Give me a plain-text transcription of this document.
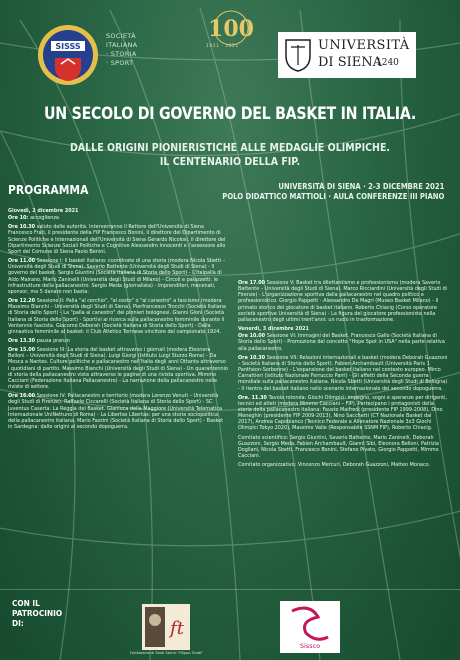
SISSS
SOCIETÀ
ITALIANA
· STORIA
· SPORT
100
1921 · 2021	UNIVERSITÀ
DI SIENA
1240
UN SECOLO DI GOVERNO DEL BASKET IN ITALIA.
DALLE ORIGINI PIONIERISTICHE ALLE MEDAGLIE OLIMPICHE.
IL CENTENARIO DELLA FIP.
PROGRAMMA	UNIVERSITÀ DI SIENA · 2-3 DICEMBRE 2021
POLO DIDATTICO MATTIOLI · AULA CONFERENZE III PIANO
Giovedì, 2 dicembre 2021
Ore 10: accoglienza
Ore 10.30 saluto delle autorità. Interverranno il Rettore dell'Università di Siena Francesco Frati, il presidente della FIP Francesco Bonini, il direttore del Dipartimento di Scienze Politiche e Internazionali dell'Università di Siena Gerardo Nicolosi, il direttore del Dipartimento Scienze Sociali Politiche e Cognitive Alessandro Innocenti e l'assessore allo Sport del Comune di Siena Paolo Benini.
Ore 11.00 Sessione I: Il basket italiano: coordinate di una storia (modera Nicola Sbetti – Università degli Studi di Siena). Saverio Battente (Università degli Studi di Siena) - Il governo del basket. Sergio Giuntini (Società Italiana di Storia dello Sport) - L'Italpalla di Aldo Mairano. Mario Zaninelli (Università degli Studi di Milano) - Circoli e palazzetti: le infrastrutture della pallacanestro. Sergio Meda (giornalista) - Imprenditori, mecenati, sponsor, ma 5 danaro non basta.
Ore 12.20 Sessione II: Palla "al cerchio", "al cesto" o "al canestro" a fascismo (modera Massimo Bianchi – Università degli Studi di Siena). Pierfrancesco Trocchi (Società Italiana di Storia dello Sport) - La "palla al canestro" dei pionieri bolognesi. Gianni Gloni (Società Italiana di Storia dello Sport) - Sportivi ai ricerca sulla pallacanestro femminile durante il Ventennio fascista. Giacomo Deborah (Società Italiana di Storia dello Sport) - Dalla ginnastica femminile al basket: il Club Atletico Torinese vincitore del campionato 1924.
Ore 13.30 pausa pranzo
Ore 15.00 Sessione III: La storia del basket attraverso i giornali (modera Eleonora Belloni – Università degli Studi di Siena). Luigi Giorgi (Istituto Luigi Sturzo Roma) - Da Mosca a Nantes. Culture politiche e pallacanestro nell'Italia degli anni Ottanta attraverso i quotidiani di partito. Massimo Bianchi (Università degli Studi di Siena) - Un quarantennio di storia della pallacanestro vista attraverso le pagine di una rivista sportiva. Mimmo Cacciani (Federazione Italiana Pallacanestro) - La narrazione della pallacanestro nelle riviste di settore.
Ore 16.00 Sessione IV: Pallacanestro e territorio (modera Lorenzo Venuti – Università degli Studi di Firenze). Raffaele Ciccarelli (Società Italiana di Storia dello Sport) - SC Juventus Caserta: La Reggia dei Basket. Gianluca della Maggiore (Università Telematica Internazionale UniNettuno di Roma) - La Libertas Libertas: per una storia sociopolitica della pallacanestro italiana. Mario Fazzini (Società Italiana di Storia dello Sport) - Basket in Sardegna: dalle origini al secondo dopoguerra.
Ore 17.00 Sessione V: Basket tra dilettantismo e professionismo (modera Saverio Battente – Università degli Studi di Siena). Marco Ricciardini (Università degli Studi di Firenze) - L'organizzazione sportiva dalla pallacanestro nel quadro politico e professionistico. Giorgio Pappetti - Alessandro De Magri (Museo Basket Milano) - Il primato storico del giocatore di basket italiano. Roberto Chiacig (Corso operatore società sportive Università di Siena) - La figura del giocatore professionista nella pallacanestro degli ultimi trent'anni: un ruolo in trasformazione.
Venerdì, 3 dicembre 2021
Ore 10.00 Sessione VI: Immagini del Basket. Francesco Gallo (Società Italiana di Storia dello Sport) - Promozione del concetto "Hope Spot in USA" nella parte relativa alla pallacanestro.
Ore 10.30 Sessione VII: Relazioni internazionali e basket (modera Deborah Guazzoni – Società Italiana di Storia dello Sport). Fabien Archambault (Università Paris 1 Panthéon-Sorbonne) - L'espansione del basket italiano nel contesto europeo. Mirco Carrattieri (Istituto Nazionale Ferruccio Parri) - Gli affetti della Seconda guerra mondiale sulla pallacanestro italiana. Nicola Sbetti (Università degli Studi di Bologna) - Il rientro del basket italiano nello scenario internazionale del secondo dopoguerra.
Ore. 11.30 Tavola rotonda: Giochi Olimpici: impegno, sogni e speranze per dirigenti, tecnici ed atleti (modera Mimmo Cacciani – FIP). Partecipano i protagonisti della storia della pallacanestro italiana: Fausto Maifredi (presidente FIP 1999-2008), Dino Meneghin (presidente FIP 2009-2013), Nino Sacchetti (CT Nazionale Basket dal 2017), Andrea Capobianco (Tecnico Federale e Allenatore Nazionale 3x3 Giochi Olimpici Tokyo 2020), Massimo Valle (Responsabile SSNM FIP), Roberto Chiacig.
Comitato scientifico: Sergio Giuntini, Saverio Battente, Mario Zaninelli, Deborah Guazzoni, Sergio Meda, Fabien Archambault, Gianni Sibi, Eleonora Belloni, Patrizia Dogliani, Nicola Sbetti, Francesco Bonini, Stefano Pivato, Giorgio Pappetti, Mimmo Cacciani.
Comitato organizzativo: Vincenzo Mercuri, Deborah Guazzoni, Matteo Monaco.
CON IL
PATROCINIO
DI:	ft
Fondazione di Studi Storici "Filippo Turati"
Sissco
